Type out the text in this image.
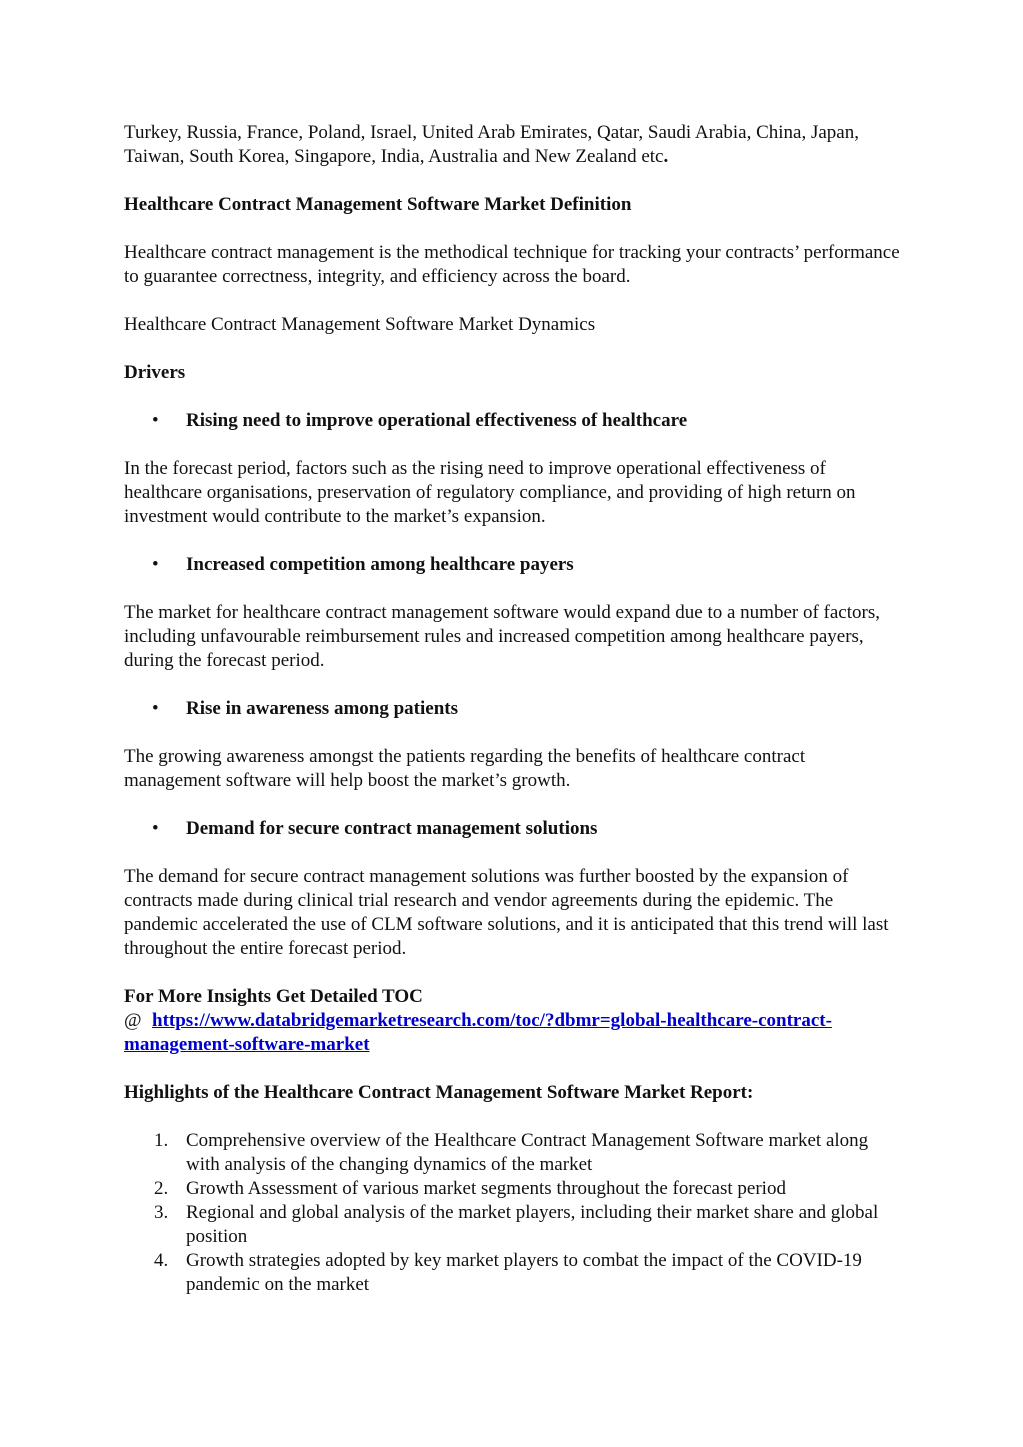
Turkey, Russia, France, Poland, Israel, United Arab Emirates, Qatar, Saudi Arabia, China, Japan, Taiwan, South Korea, Singapore, India, Australia and New Zealand etc.

Healthcare Contract Management Software Market Definition

Healthcare contract management is the methodical technique for tracking your contracts’ performance to guarantee correctness, integrity, and efficiency across the board.

Healthcare Contract Management Software Market Dynamics

Drivers

•	Rising need to improve operational effectiveness of healthcare

In the forecast period, factors such as the rising need to improve operational effectiveness of healthcare organisations, preservation of regulatory compliance, and providing of high return on investment would contribute to the market’s expansion.

•	Increased competition among healthcare payers

The market for healthcare contract management software would expand due to a number of factors, including unfavourable reimbursement rules and increased competition among healthcare payers, during the forecast period.

•	Rise in awareness among patients

The growing awareness amongst the patients regarding the benefits of healthcare contract management software will help boost the market’s growth.

•	Demand for secure contract management solutions

The demand for secure contract management solutions was further boosted by the expansion of contracts made during clinical trial research and vendor agreements during the epidemic. The pandemic accelerated the use of CLM software solutions, and it is anticipated that this trend will last throughout the entire forecast period.

For More Insights Get Detailed TOC

@ https://www.databridgemarketresearch.com/toc/?dbmr=global-healthcare-contract-management-software-market

Highlights of the Healthcare Contract Management Software Market Report:

1. Comprehensive overview of the Healthcare Contract Management Software market along with analysis of the changing dynamics of the market
2. Growth Assessment of various market segments throughout the forecast period
3. Regional and global analysis of the market players, including their market share and global position
4. Growth strategies adopted by key market players to combat the impact of the COVID-19 pandemic on the market
